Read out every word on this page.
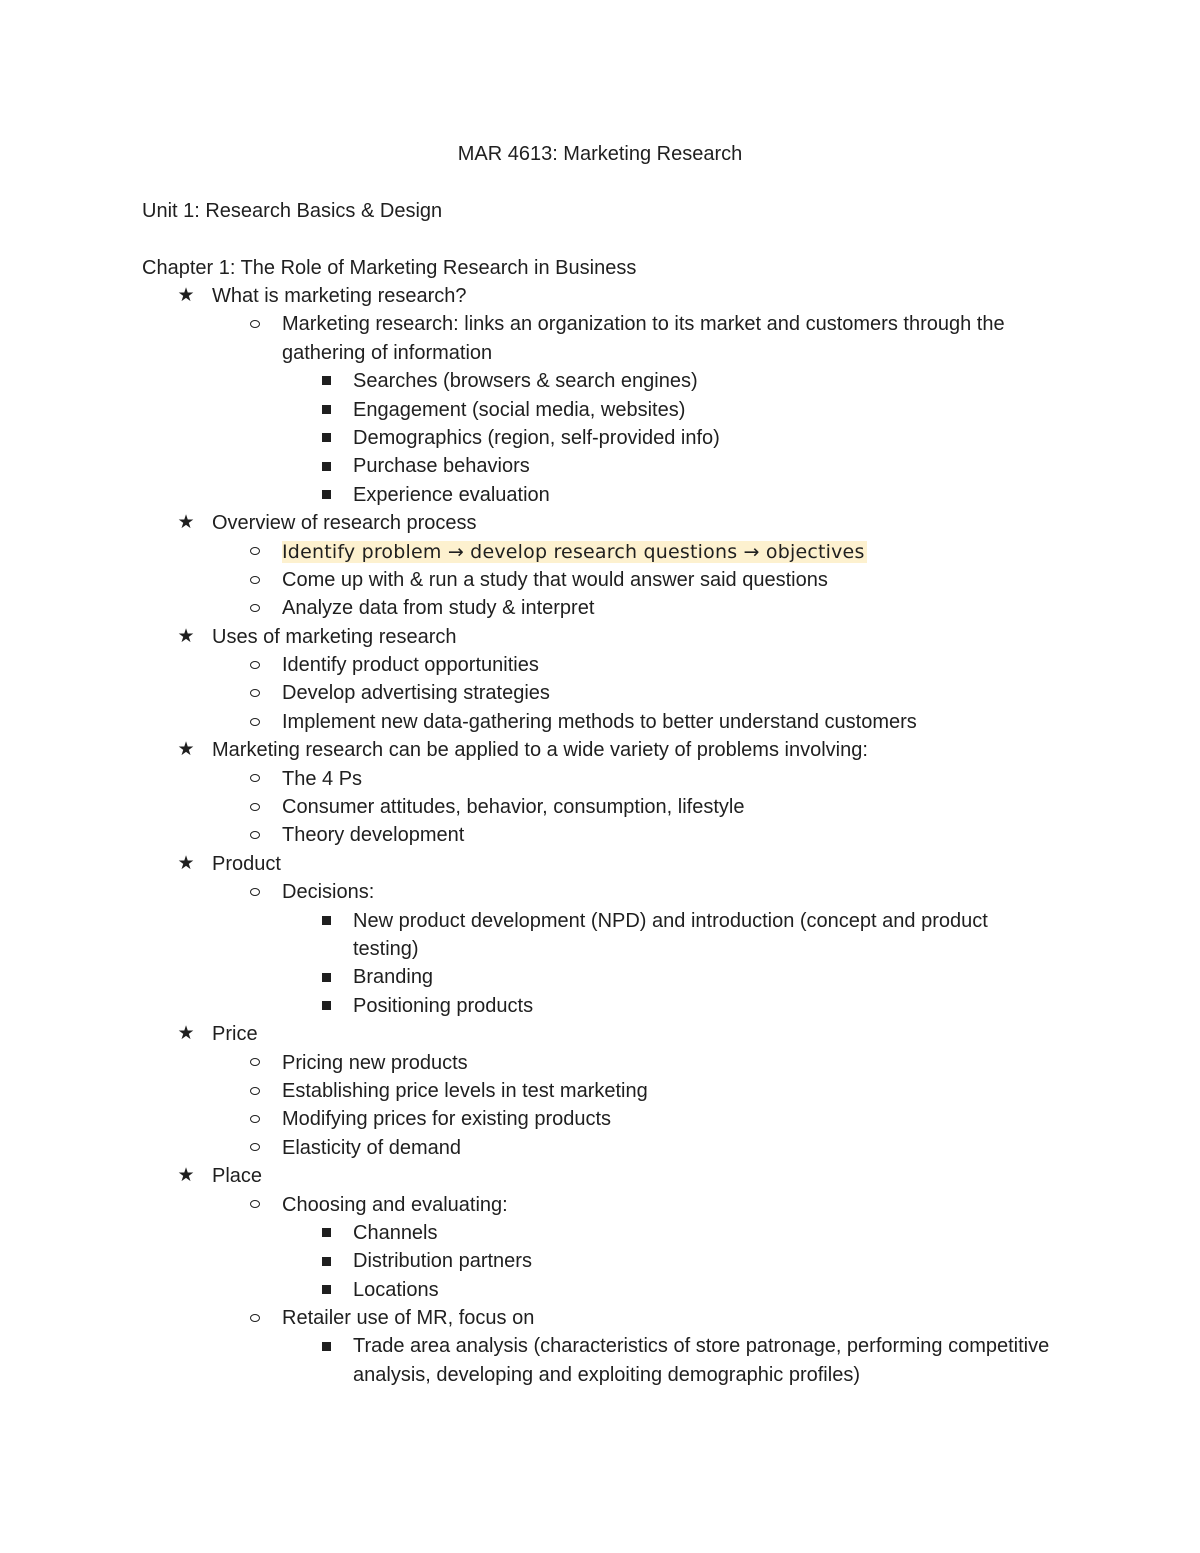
MAR 4613: Marketing Research
Unit 1: Research Basics & Design
Chapter 1: The Role of Marketing Research in Business
★ What is marketing research?
Marketing research: links an organization to its market and customers through the gathering of information
Searches (browsers & search engines)
Engagement (social media, websites)
Demographics (region, self-provided info)
Purchase behaviors
Experience evaluation
★ Overview of research process
Identify problem → develop research questions → objectives
Come up with & run a study that would answer said questions
Analyze data from study & interpret
★ Uses of marketing research
Identify product opportunities
Develop advertising strategies
Implement new data-gathering methods to better understand customers
★ Marketing research can be applied to a wide variety of problems involving:
The 4 Ps
Consumer attitudes, behavior, consumption, lifestyle
Theory development
★ Product
Decisions:
New product development (NPD) and introduction (concept and product testing)
Branding
Positioning products
★ Price
Pricing new products
Establishing price levels in test marketing
Modifying prices for existing products
Elasticity of demand
★ Place
Choosing and evaluating:
Channels
Distribution partners
Locations
Retailer use of MR, focus on
Trade area analysis (characteristics of store patronage, performing competitive analysis, developing and exploiting demographic profiles)
